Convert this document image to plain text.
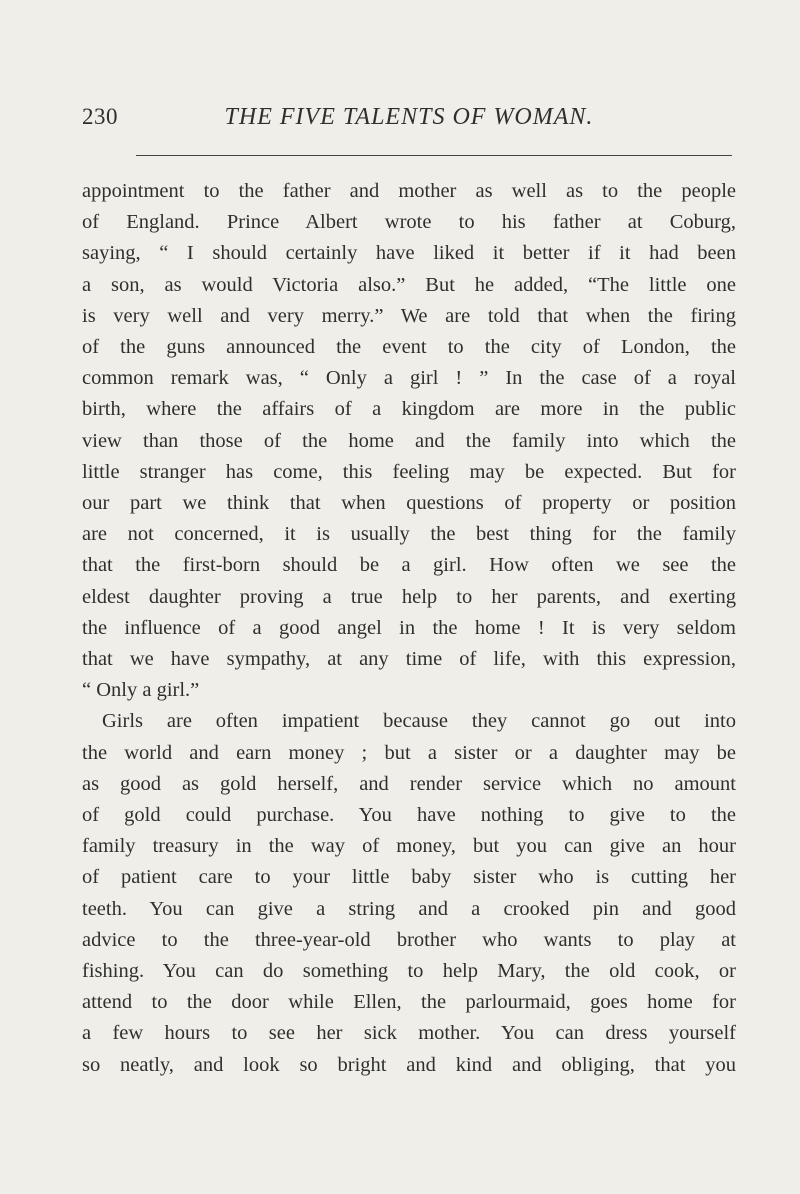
230	THE FIVE TALENTS OF WOMAN.
appointment to the father and mother as well as to the people
of England. Prince Albert wrote to his father at Coburg,
saying, “ I should certainly have liked it better if it had been
a son, as would Victoria also.” But he added, “The little one
is very well and very merry.” We are told that when the firing
of the guns announced the event to the city of London, the
common remark was, “ Only a girl ! ” In the case of a royal
birth, where the affairs of a kingdom are more in the public
view than those of the home and the family into which the
little stranger has come, this feeling may be expected. But for
our part we think that when questions of property or position
are not concerned, it is usually the best thing for the family
that the first-born should be a girl. How often we see the
eldest daughter proving a true help to her parents, and exerting
the influence of a good angel in the home ! It is very seldom
that we have sympathy, at any time of life, with this expression,
“ Only a girl.”
Girls are often impatient because they cannot go out into
the world and earn money ; but a sister or a daughter may be
as good as gold herself, and render service which no amount
of gold could purchase. You have nothing to give to the
family treasury in the way of money, but you can give an hour
of patient care to your little baby sister who is cutting her
teeth. You can give a string and a crooked pin and good
advice to the three-year-old brother who wants to play at
fishing. You can do something to help Mary, the old cook, or
attend to the door while Ellen, the parlourmaid, goes home for
a few hours to see her sick mother. You can dress yourself
so neatly, and look so bright and kind and obliging, that you
